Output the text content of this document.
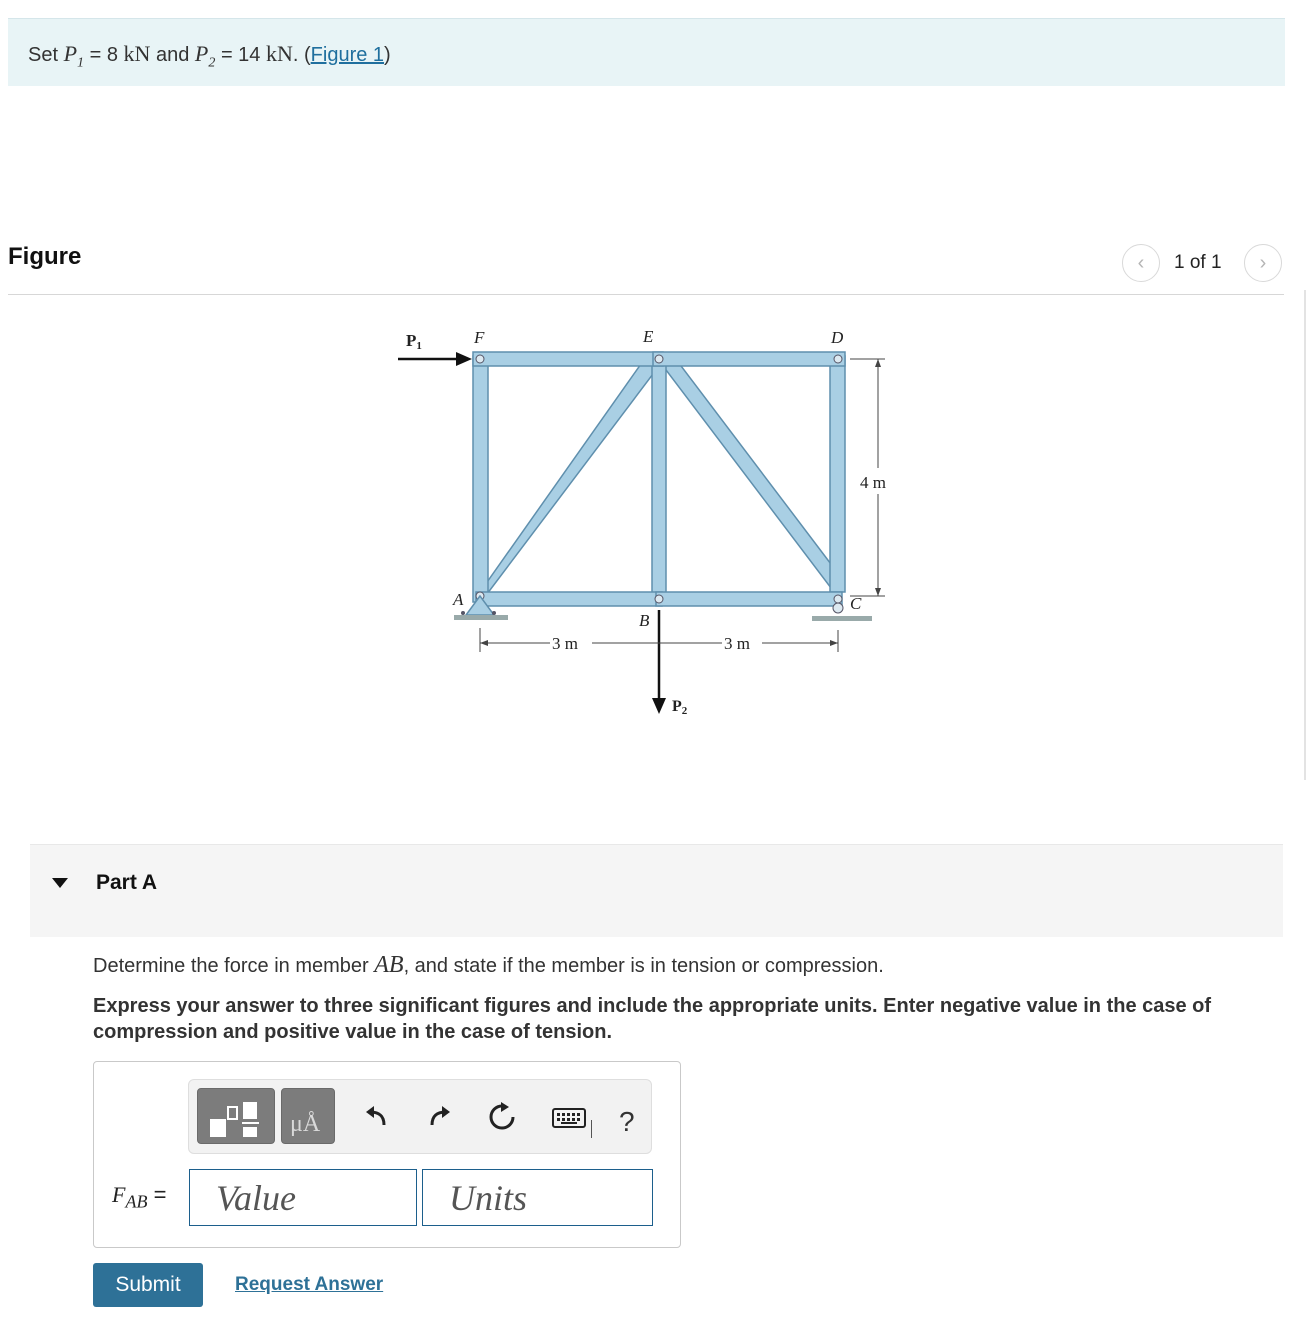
Set $P_1 = 8$ kN and $P_2 = 14$ kN. (Figure 1)
Figure	‹ 1 of 1 ›
P1
P2
F	E	D
A
B
C
3 m	3 m
4 m
Part A
Determine the force in member AB, and state if the member is in tension or compression.
Express your answer to three significant figures and include the appropriate units. Enter negative value in the case of compression and positive value in the case of tension.
μÅ	?
$F_{AB}$ =
Value
Units
Submit	Request Answer
